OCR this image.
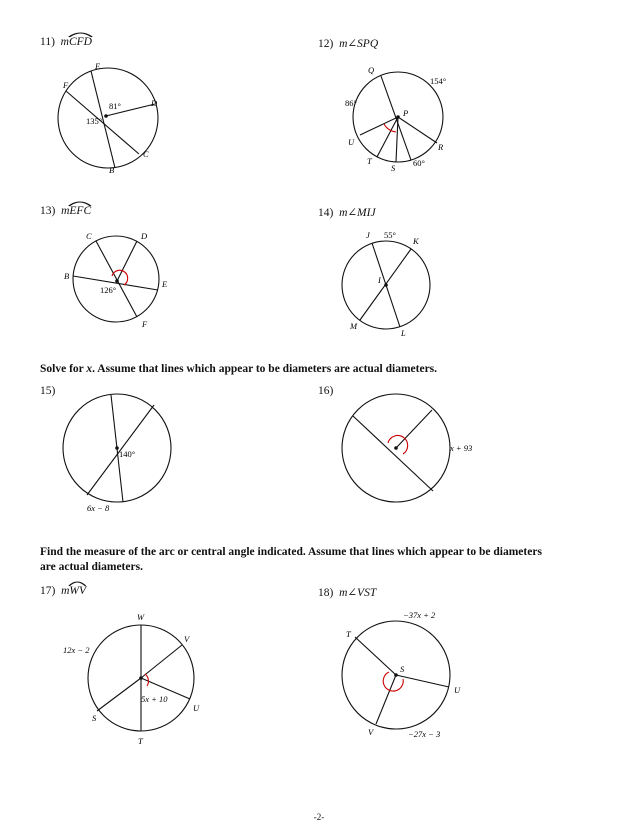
11) m
CFD	12) m∠SPQ
13) m
EFC	14) m∠MIJ
Solve for x. Assume that lines which appear to be diameters are actual diameters.
15)	16)
Find the measure of the arc or central angle indicated. Assume that lines which appear to be diameters
are actual diameters.
17) m
WV	18) m∠VST
E
F
D
C
B
81°
135°
Q
P
U
T
S
R
154°
86°
60°
C	D
B
E
F
126°
J
K
I
M
L
55°
140°
6x − 8
x + 93
W
V
U
T
S
12x − 2
5x + 10
T
S
U
V
−37x + 2
−27x − 3
-2-
